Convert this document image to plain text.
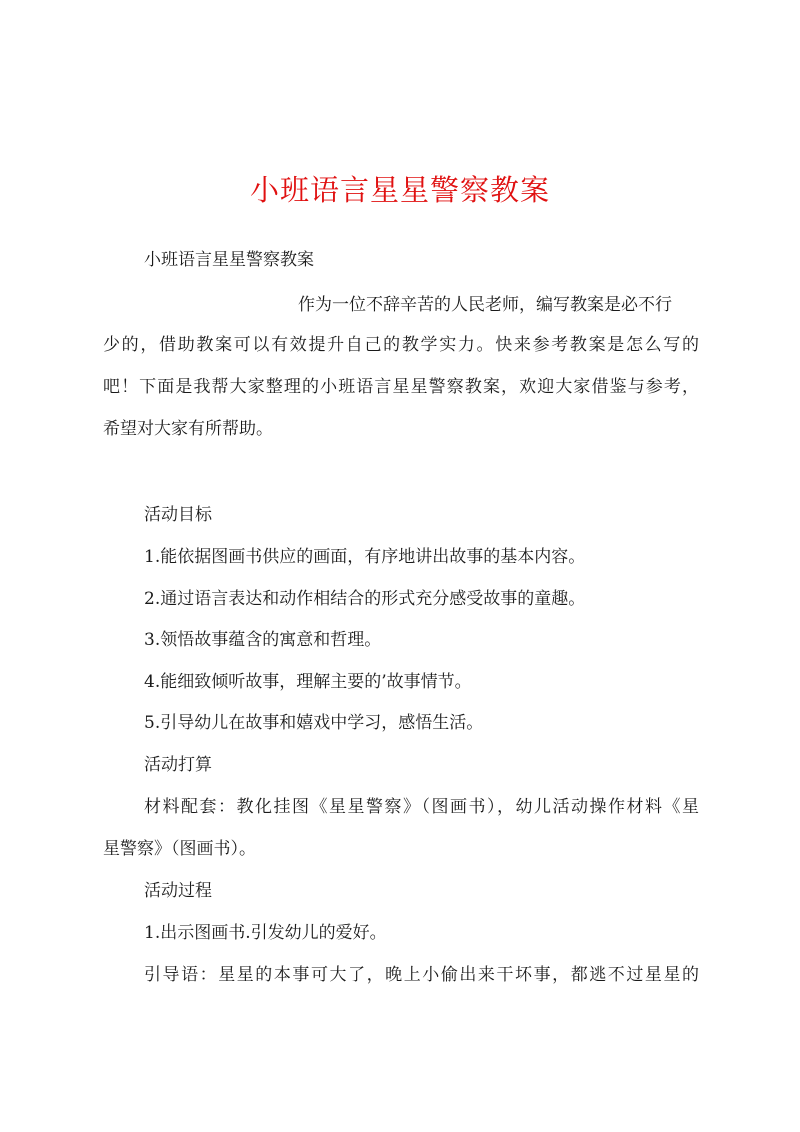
小班语言星星警察教案
小班语言星星警察教案
作为一位不辞辛苦的人民老师，编写教案是必不行
少的，借助教案可以有效提升自己的教学实力。快来参考教案是怎么写的
吧！下面是我帮大家整理的小班语言星星警察教案，欢迎大家借鉴与参考，
希望对大家有所帮助。
活动目标
1.能依据图画书供应的画面，有序地讲出故事的基本内容。
2.通过语言表达和动作相结合的形式充分感受故事的童趣。
3.领悟故事蕴含的寓意和哲理。
4.能细致倾听故事，理解主要的’故事情节。
5.引导幼儿在故事和嬉戏中学习，感悟生活。
活动打算
材料配套：教化挂图《星星警察》（图画书），幼儿活动操作材料《星
星警察》（图画书）。
活动过程
1.出示图画书.引发幼儿的爱好。
引导语：星星的本事可大了，晚上小偷出来干坏事，都逃不过星星的
